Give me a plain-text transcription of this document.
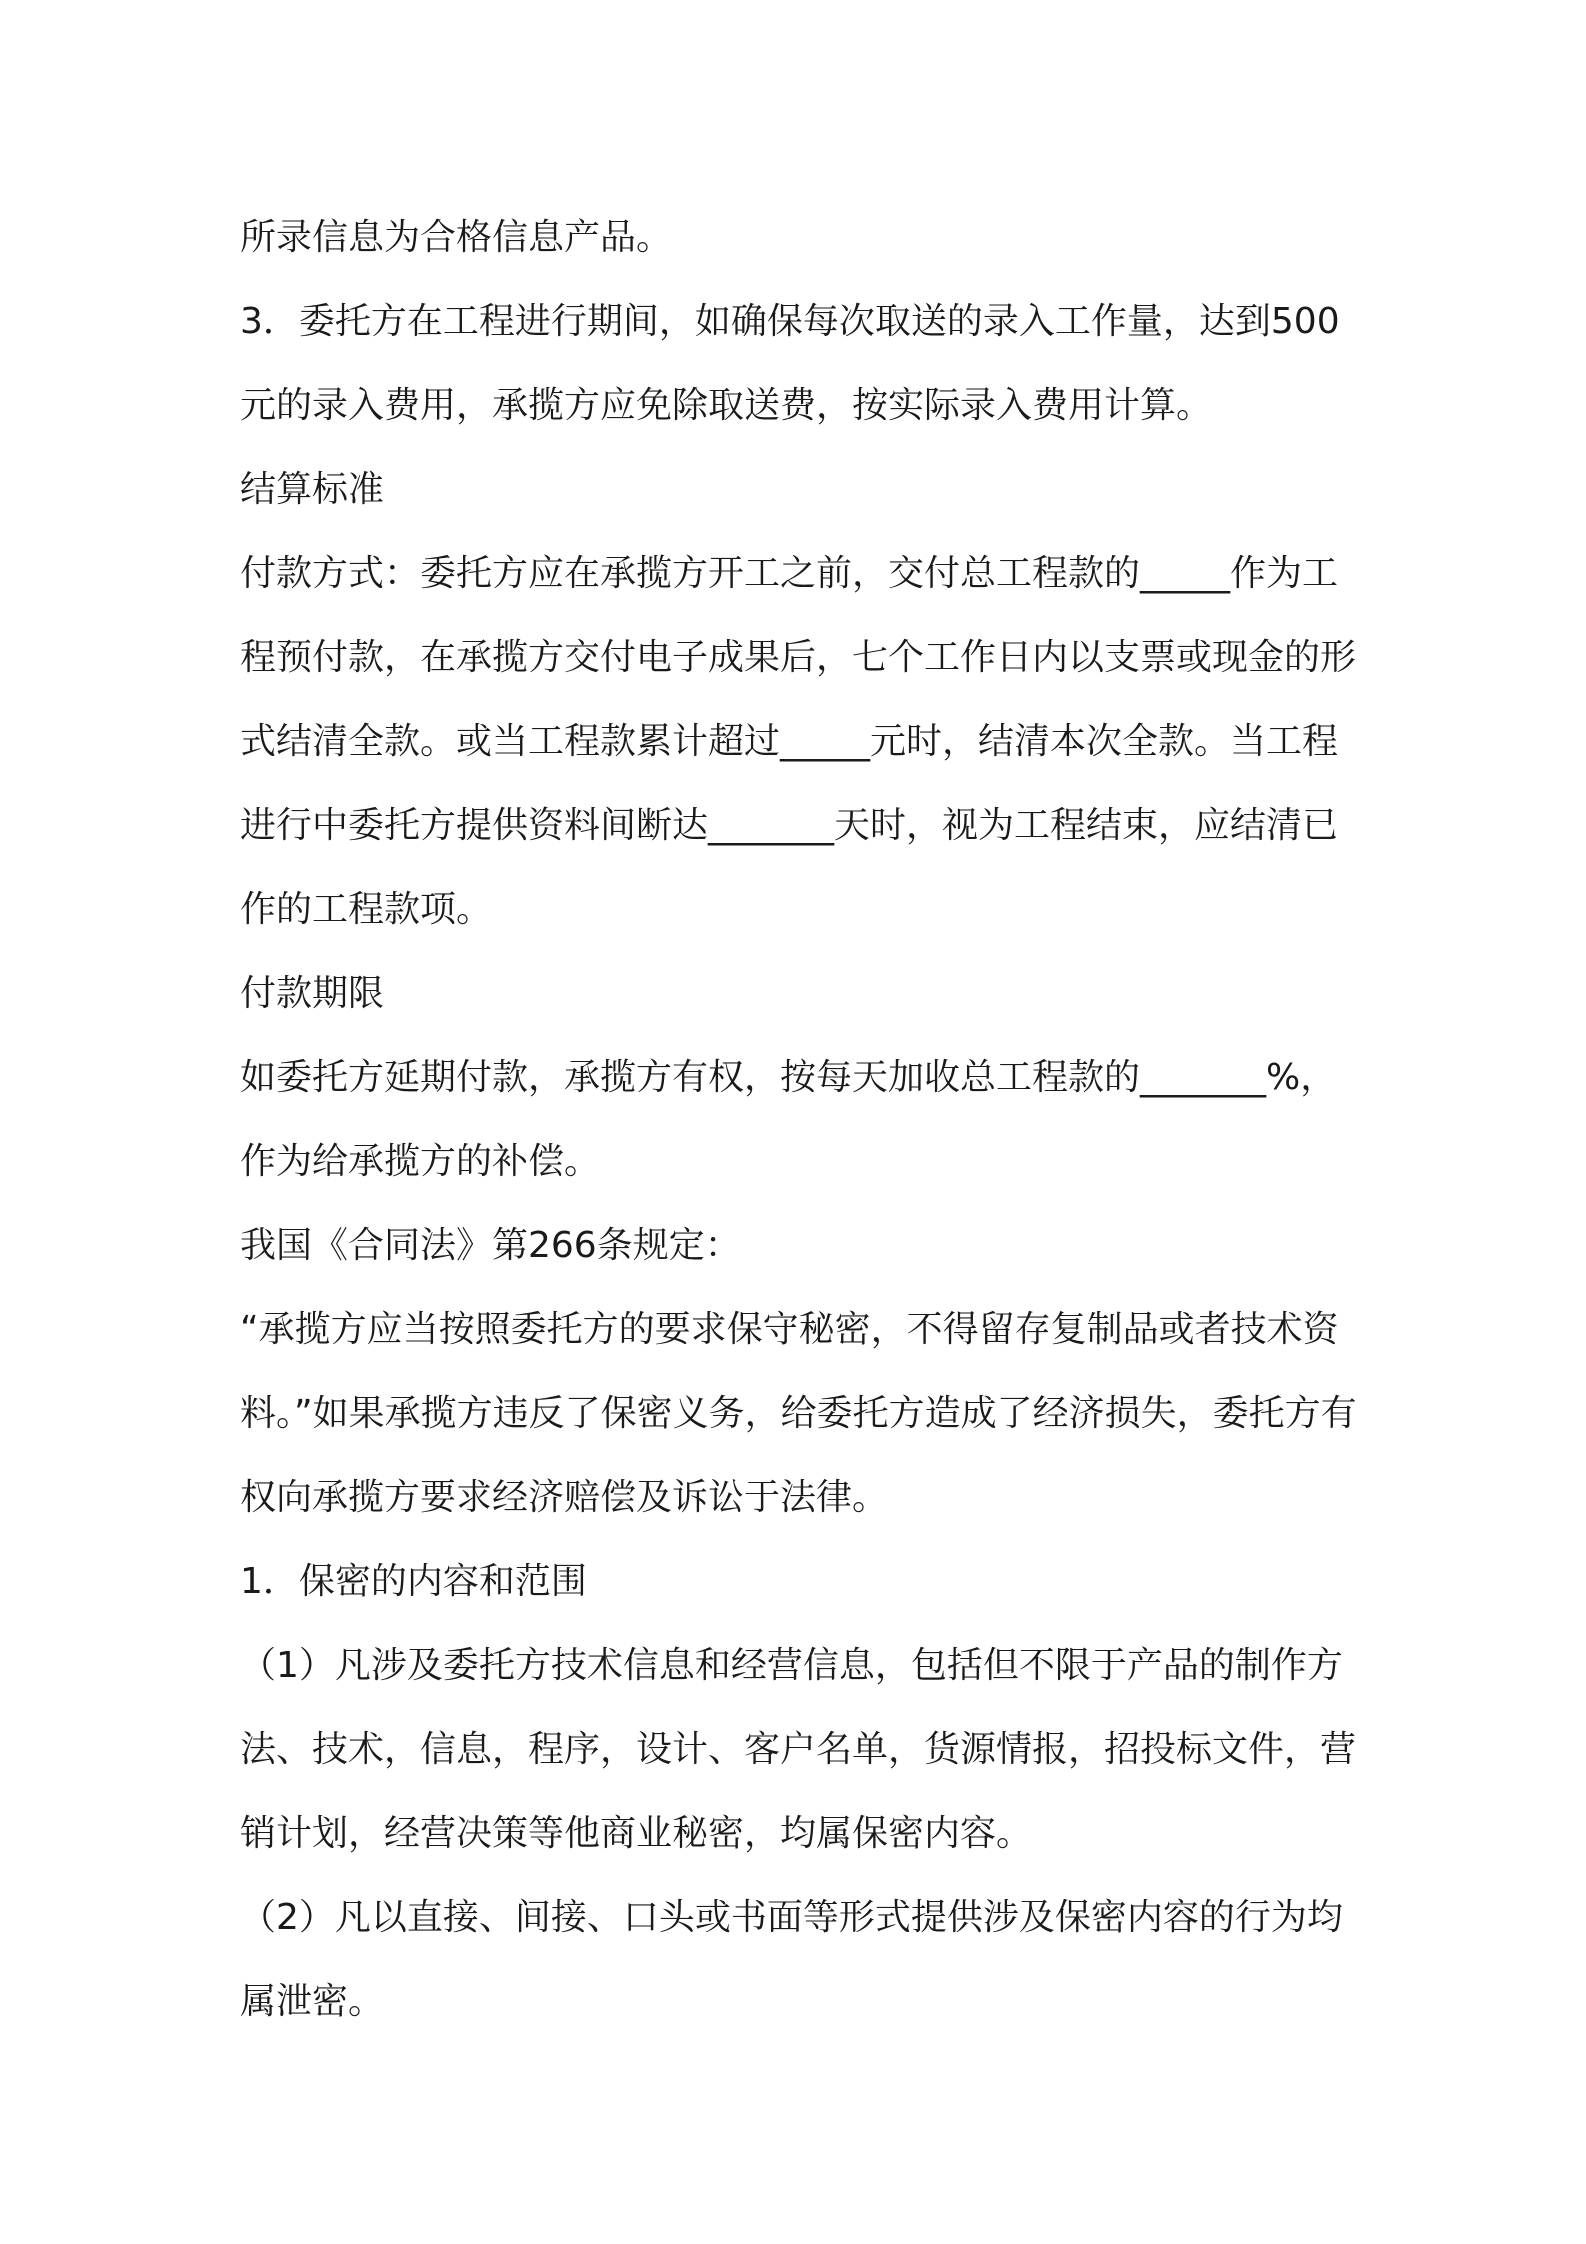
所录信息为合格信息产品。

3．委托方在工程进行期间，如确保每次取送的录入工作量，达到500元的录入费用，承揽方应免除取送费，按实际录入费用计算。

结算标准

付款方式：委托方应在承揽方开工之前，交付总工程款的_____作为工程预付款，在承揽方交付电子成果后，七个工作日内以支票或现金的形式结清全款。或当工程款累计超过_____元时，结清本次全款。当工程进行中委托方提供资料间断达_______天时，视为工程结束，应结清已作的工程款项。

付款期限

如委托方延期付款，承揽方有权，按每天加收总工程款的_______%，作为给承揽方的补偿。

我国《合同法》第266条规定：

“承揽方应当按照委托方的要求保守秘密，不得留存复制品或者技术资料。”如果承揽方违反了保密义务，给委托方造成了经济损失，委托方有权向承揽方要求经济赔偿及诉讼于法律。

1．保密的内容和范围

（1）凡涉及委托方技术信息和经营信息，包括但不限于产品的制作方法、技术，信息，程序，设计、客户名单，货源情报，招投标文件，营销计划，经营决策等他商业秘密，均属保密内容。

（2）凡以直接、间接、口头或书面等形式提供涉及保密内容的行为均属泄密。
